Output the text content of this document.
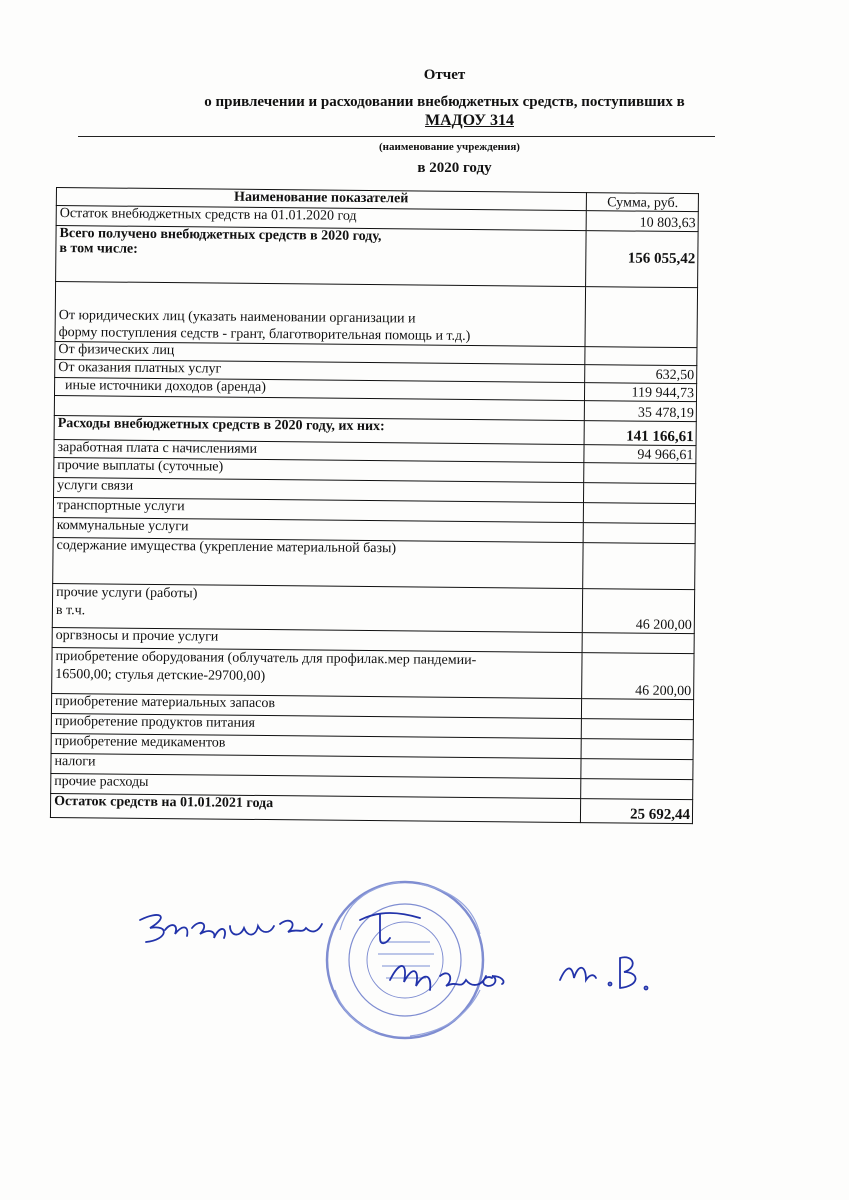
Отчет
о привлечении и расходовании внебюджетных средств, поступивших в
МАДОУ 314
(наименование учреждения)
в 2020 году
Наименование показателей	Сумма, руб.
Остаток внебюджетных средств на 01.01.2020 год	10 803,63

Всего получено внебюджетных средств в 2020 году,
в том числе:	156 055,42

От юридических лиц (указать наименовании организации и
форму поступления седств - грант, благотворительная помощь и т.д.)	

От физических лиц	
От оказания платных услуг	632,50
иные источники доходов (аренда)	119 944,73
	35 478,19
Расходы внебюджетных средств в 2020 году, их них:	141 166,61
заработная плата с начислениями	94 966,61
прочие выплаты (суточные)	
услуги связи	
транспортные услуги	
коммунальные услуги	
содержание имущества (укрепление материальной базы)	

прочие услуги (работы)
в т.ч.	46 200,00
оргвзносы и прочие услуги	

приобретение оборудования (облучатель для профилак.мер пандемии-
16500,00; стулья детские-29700,00)	46 200,00
приобретение материальных запасов	
приобретение продуктов питания	
приобретение медикаментов	
налоги	
прочие расходы	
Остаток средств на 01.01.2021 года	25 692,44
